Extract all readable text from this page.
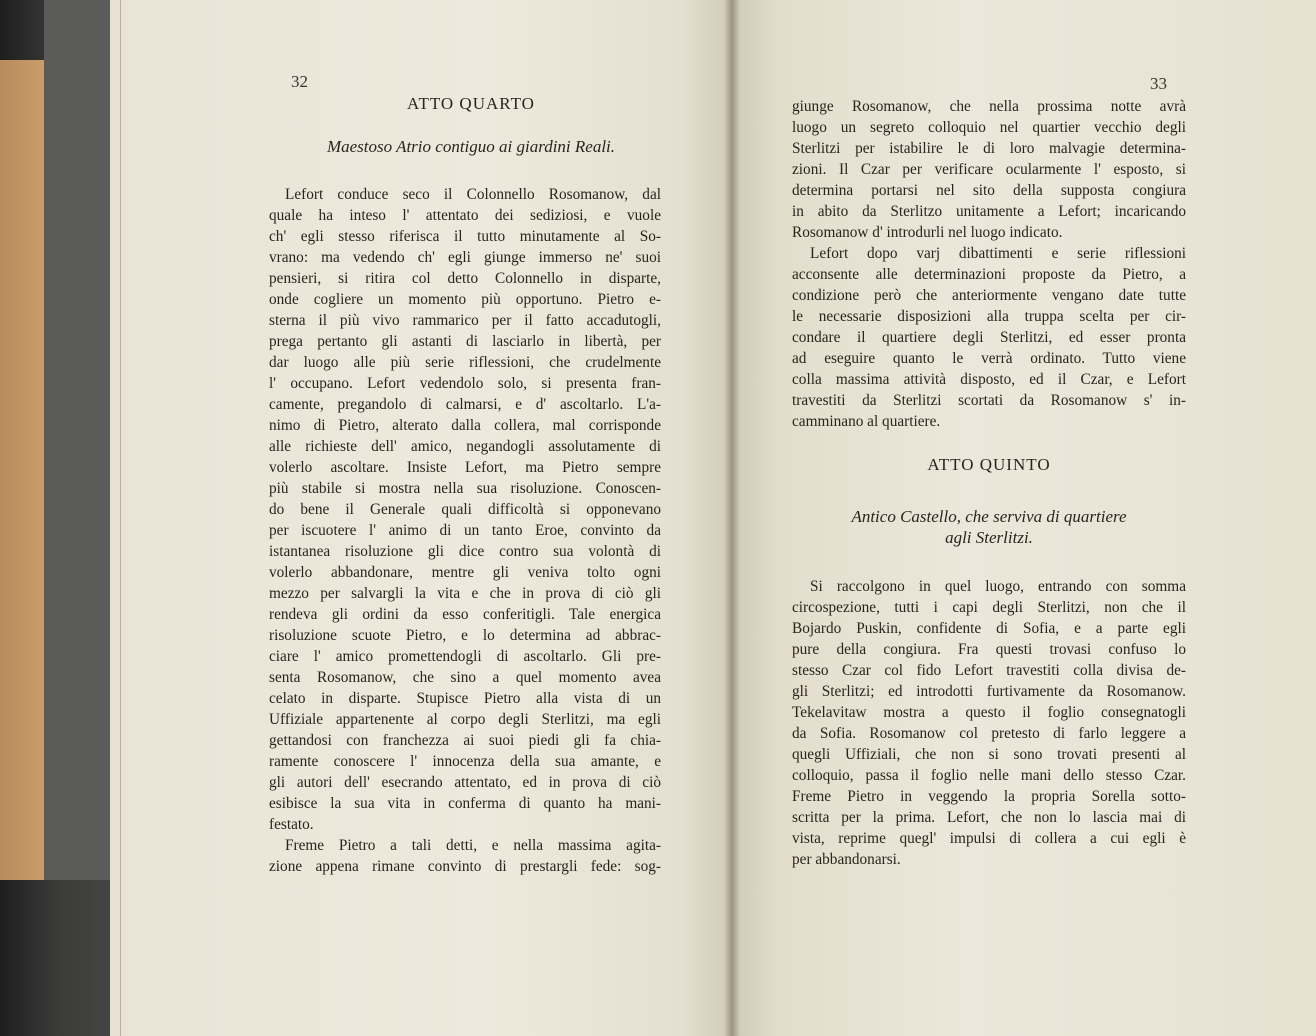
32
ATTO QUARTO
Maestoso Atrio contiguo ai giardini Reali.
Lefort conduce seco il Colonnello Rosomanow, dal
quale ha inteso l' attentato dei sediziosi, e vuole
ch' egli stesso riferisca il tutto minutamente al So-
vrano: ma vedendo ch' egli giunge immerso ne' suoi
pensieri, si ritira col detto Colonnello in disparte,
onde cogliere un momento più opportuno. Pietro e-
sterna il più vivo rammarico per il fatto accadutogli,
prega pertanto gli astanti di lasciarlo in libertà, per
dar luogo alle più serie riflessioni, che crudelmente
l' occupano. Lefort vedendolo solo, si presenta fran-
camente, pregandolo di calmarsi, e d' ascoltarlo. L'a-
nimo di Pietro, alterato dalla collera, mal corrisponde
alle richieste dell' amico, negandogli assolutamente di
volerlo ascoltare. Insiste Lefort, ma Pietro sempre
più stabile si mostra nella sua risoluzione. Conoscen-
do bene il Generale quali difficoltà si opponevano
per iscuotere l' animo di un tanto Eroe, convinto da
istantanea risoluzione gli dice contro sua volontà di
volerlo abbandonare, mentre gli veniva tolto ogni
mezzo per salvargli la vita e che in prova di ciò gli
rendeva gli ordini da esso conferitigli. Tale energica
risoluzione scuote Pietro, e lo determina ad abbrac-
ciare l' amico promettendogli di ascoltarlo. Gli pre-
senta Rosomanow, che sino a quel momento avea
celato in disparte. Stupisce Pietro alla vista di un
Uffiziale appartenente al corpo degli Sterlitzi, ma egli
gettandosi con franchezza ai suoi piedi gli fa chia-
ramente conoscere l' innocenza della sua amante, e
gli autori dell' esecrando attentato, ed in prova di ciò
esibisce la sua vita in conferma di quanto ha mani-
festato.
Freme Pietro a tali detti, e nella massima agita-
zione appena rimane convinto di prestargli fede: sog-
33
giunge Rosomanow, che nella prossima notte avrà
luogo un segreto colloquio nel quartier vecchio degli
Sterlitzi per istabilire le di loro malvagie determina-
zioni. Il Czar per verificare ocularmente l' esposto, si
determina portarsi nel sito della supposta congiura
in abito da Sterlitzo unitamente a Lefort; incaricando
Rosomanow d' introdurli nel luogo indicato.
Lefort dopo varj dibattimenti e serie riflessioni
acconsente alle determinazioni proposte da Pietro, a
condizione però che anteriormente vengano date tutte
le necessarie disposizioni alla truppa scelta per cir-
condare il quartiere degli Sterlitzi, ed esser pronta
ad eseguire quanto le verrà ordinato. Tutto viene
colla massima attività disposto, ed il Czar, e Lefort
travestiti da Sterlitzi scortati da Rosomanow s' in-
camminano al quartiere.
ATTO QUINTO
Antico Castello, che serviva di quartiere
agli Sterlitzi.
Si raccolgono in quel luogo, entrando con somma
circospezione, tutti i capi degli Sterlitzi, non che il
Bojardo Puskin, confidente di Sofia, e a parte egli
pure della congiura. Fra questi trovasi confuso lo
stesso Czar col fido Lefort travestiti colla divisa de-
gli Sterlitzi; ed introdotti furtivamente da Rosomanow.
Tekelavitaw mostra a questo il foglio consegnatogli
da Sofia. Rosomanow col pretesto di farlo leggere a
quegli Uffiziali, che non si sono trovati presenti al
colloquio, passa il foglio nelle mani dello stesso Czar.
Freme Pietro in veggendo la propria Sorella sotto-
scritta per la prima. Lefort, che non lo lascia mai di
vista, reprime quegl' impulsi di collera a cui egli è
per abbandonarsi.
